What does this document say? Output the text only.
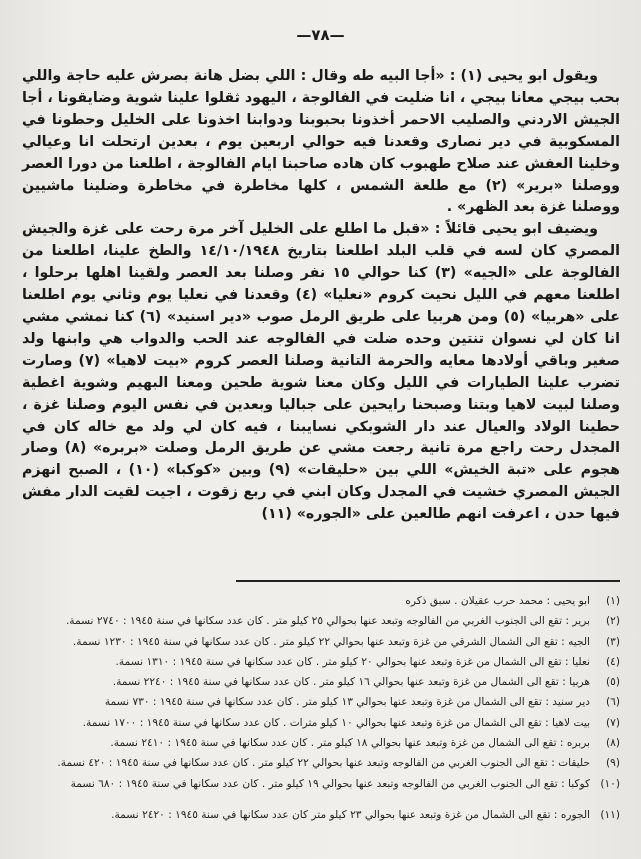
—٧٨—

ويقول ابو يحيى (١) : «أجا البيه طه وقال : اللي بضل هانة بصرش عليه حاجة واللي بحب بيجي معانا بيجي ، انا ضليت في الفالوجة ، اليهود ثقلوا علينا شوية وضايقونا ، أجا الجيش الاردني والصليب الاحمر أخذونا بحبوبنا ودوابنا اخذونا على الخليل وحطونا في المسكوبية في دير نصارى وقعدنا فيه حوالي اربعين يوم ، بعدين ارتحلت انا وعيالي وخلينا العفش عند صلاح طهبوب كان هاده صاحبنا ايام الفالوجة ، اطلعنا من دورا العصر ووصلنا «برير» (٢) مع طلعة الشمس ، كلها مخاطرة في مخاطرة وضلينا ماشيين ووصلنا غزة بعد الظهر» .

ويضيف ابو يحيى قائلاً : «قبل ما اطلع على الخليل آخر مرة رحت على غزة والجيش المصري كان لسه في قلب البلد اطلعنا بتاريخ ١٤/١٠/١٩٤٨ والطخ علينا، اطلعنا من الفالوجة على «الجيه» (٣) كنا حوالي ١٥ نفر وصلنا بعد العصر ولقينا اهلها برحلوا ، اطلعنا معهم في الليل نحيت كروم «نعليا» (٤) وقعدنا في نعليا يوم وثاني يوم اطلعنا على «هربيا» (٥) ومن هربيا على طريق الرمل صوب «دير اسنيد» (٦) كنا نمشي مشي انا كان لي نسوان تنتين وحده ضلت في الفالوجه عند الحب والدواب هي وابنها ولد صغير وباقي أولادها معايه والحرمة التانية وصلنا العصر كروم «بيت لاهيا» (٧) وصارت تضرب علينا الطيارات في الليل وكان معنا شوية طحين ومعنا البهيم وشوية اغطية وصلنا لبيت لاهيا وبتنا وصبحنا رايحين على جباليا وبعدين في نفس اليوم وصلنا غزة ، حطينا الولاد والعيال عند دار الشوبكي نسايبنا ، فيه كان لي ولد مع خاله كان في المجدل رحت راجع مرة تانية رجعت مشي عن طريق الرمل وصلت «بربره» (٨) وصار هجوم على «تبة الخيش» اللي بين «حليقات» (٩) وبين «كوكبا» (١٠) ، الصبح انهزم الجيش المصري خشيت في المجدل وكان ابني في ربع زقوت ، اجيت لقيت الدار مفش فيها حدن ، اعرفت انهم طالعين على «الجوره» (١١)

(١)
ابو يحيى : محمد حرب عقيلان . سبق ذكره
(٢)
برير : تقع الى الجنوب الغربي من الفالوجه وتبعد عنها بحوالي ٢٥ كيلو متر . كان عدد سكانها في سنة ١٩٤٥ : ٢٧٤٠ نسمة.
(٣)
الجيه : تقع الى الشمال الشرقي من غزة وتبعد عنها بحوالي ٢٢ كيلو متر . كان عدد سكانها في سنة ١٩٤٥ : ١٢٣٠ نسمة.
(٤)
نعليا : تقع الى الشمال من غزة وتبعد عنها بحوالي ٢٠ كيلو متر . كان عدد سكانها في سنة ١٩٤٥ : ١٣١٠ نسمة.
(٥)
هربيا : تقع الى الشمال من غزة وتبعد عنها بحوالي ١٦ كيلو متر . كان عدد سكانها في سنة ١٩٤٥ : ٢٢٤٠ نسمة.
(٦)
دير سنيد : تقع الى الشمال من غزة وتبعد عنها بحوالي ١٣ كيلو متر . كان عدد سكانها في سنة ١٩٤٥ : ٧٣٠ نسمة
(٧)
بيت لاهيا : تقع الى الشمال من غزة وتبعد عنها بحوالي ١٠ كيلو مترات . كان عدد سكانها في سنة ١٩٤٥ : ١٧٠٠ نسمة.
(٨)
بربره : تقع الى الشمال من غزة وتبعد عنها بحوالي ١٨ كيلو متر . كان عدد سكانها في سنة ١٩٤٥ : ٢٤١٠ نسمة.
(٩)
حليقات : تقع الى الجنوب الغربي من الفالوجه وتبعد عنها بحوالي ٢٢ كيلو متر . كان عدد سكانها في سنة ١٩٤٥ : ٤٢٠ نسمة.
(١٠)
كوكبا : تقع الى الجنوب الغربي من الفالوجه وتبعد عنها بحوالي ١٩ كيلو متر . كان عدد سكانها في سنة ١٩٤٥ : ٦٨٠ نسمة
(١١)
الجوره : تقع الى الشمال من غزة وتبعد عنها بحوالي ٢٣ كيلو متر كان عدد سكانها في سنة ١٩٤٥ : ٢٤٢٠ نسمة.
